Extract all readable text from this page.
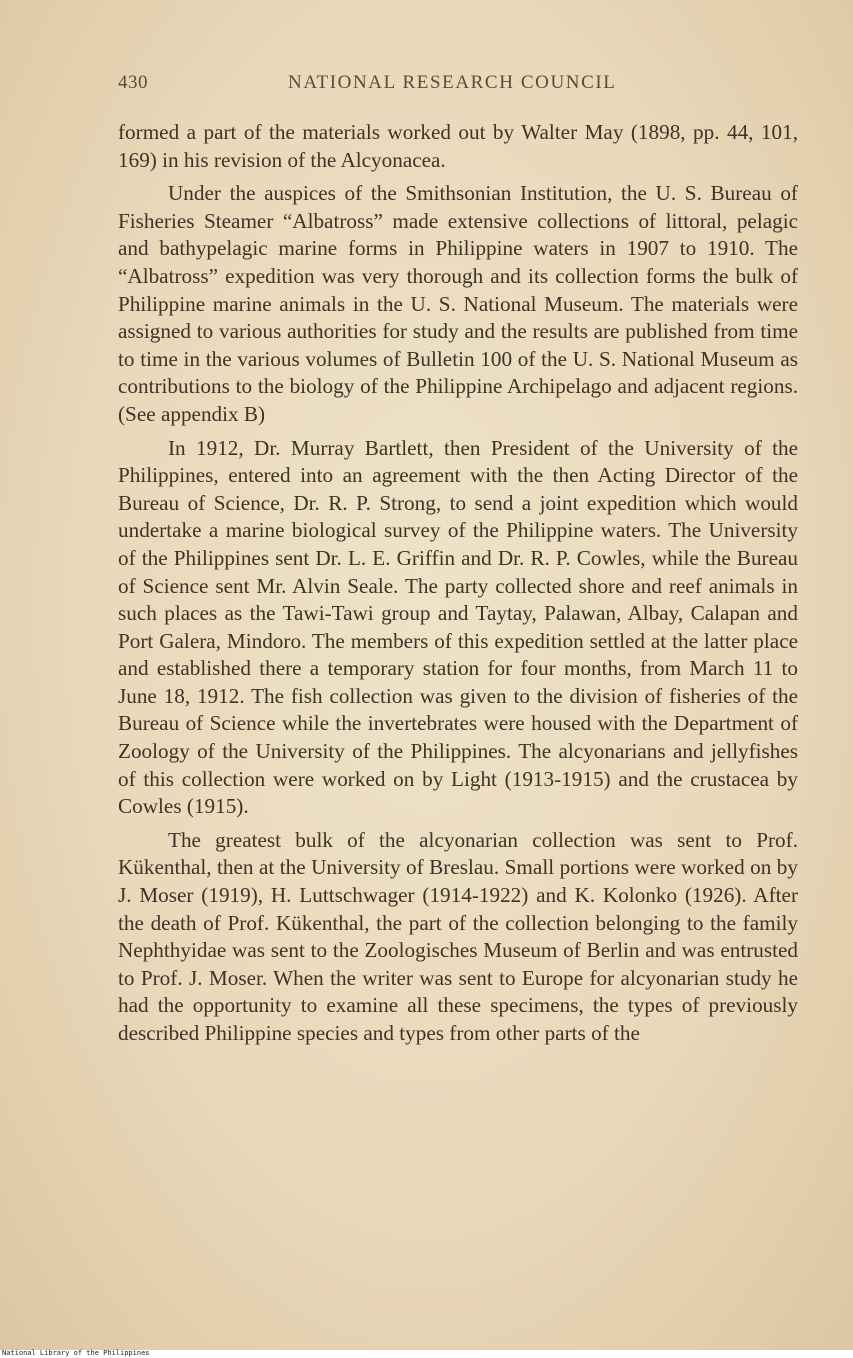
430	NATIONAL RESEARCH COUNCIL

formed a part of the materials worked out by Walter May (1898, pp. 44, 101, 169) in his revision of the Alcyonacea.

Under the auspices of the Smithsonian Institution, the U. S. Bureau of Fisheries Steamer “Albatross” made extensive collections of littoral, pelagic and bathypelagic marine forms in Philippine waters in 1907 to 1910. The “Albatross” expedition was very thorough and its collection forms the bulk of Philippine marine animals in the U. S. National Museum. The materials were assigned to various authorities for study and the results are published from time to time in the various volumes of Bulletin 100 of the U. S. National Museum as contributions to the biology of the Philippine Archipelago and adjacent regions. (See appendix B)

In 1912, Dr. Murray Bartlett, then President of the University of the Philippines, entered into an agreement with the then Acting Director of the Bureau of Science, Dr. R. P. Strong, to send a joint expedition which would undertake a marine biological survey of the Philippine waters. The University of the Philippines sent Dr. L. E. Griffin and Dr. R. P. Cowles, while the Bureau of Science sent Mr. Alvin Seale. The party collected shore and reef animals in such places as the Tawi-Tawi group and Taytay, Palawan, Albay, Calapan and Port Galera, Mindoro. The members of this expedition settled at the latter place and established there a temporary station for four months, from March 11 to June 18, 1912. The fish collection was given to the division of fisheries of the Bureau of Science while the invertebrates were housed with the Department of Zoology of the University of the Philippines. The alcyonarians and jellyfishes of this collection were worked on by Light (1913-1915) and the crustacea by Cowles (1915).

The greatest bulk of the alcyonarian collection was sent to Prof. Kükenthal, then at the University of Breslau. Small portions were worked on by J. Moser (1919), H. Luttschwager (1914-1922) and K. Kolonko (1926). After the death of Prof. Kükenthal, the part of the collection belonging to the family Nephthyidae was sent to the Zoologisches Museum of Berlin and was entrusted to Prof. J. Moser. When the writer was sent to Europe for alcyonarian study he had the opportunity to examine all these specimens, the types of previously described Philippine species and types from other parts of the

National Library of the Philippines
